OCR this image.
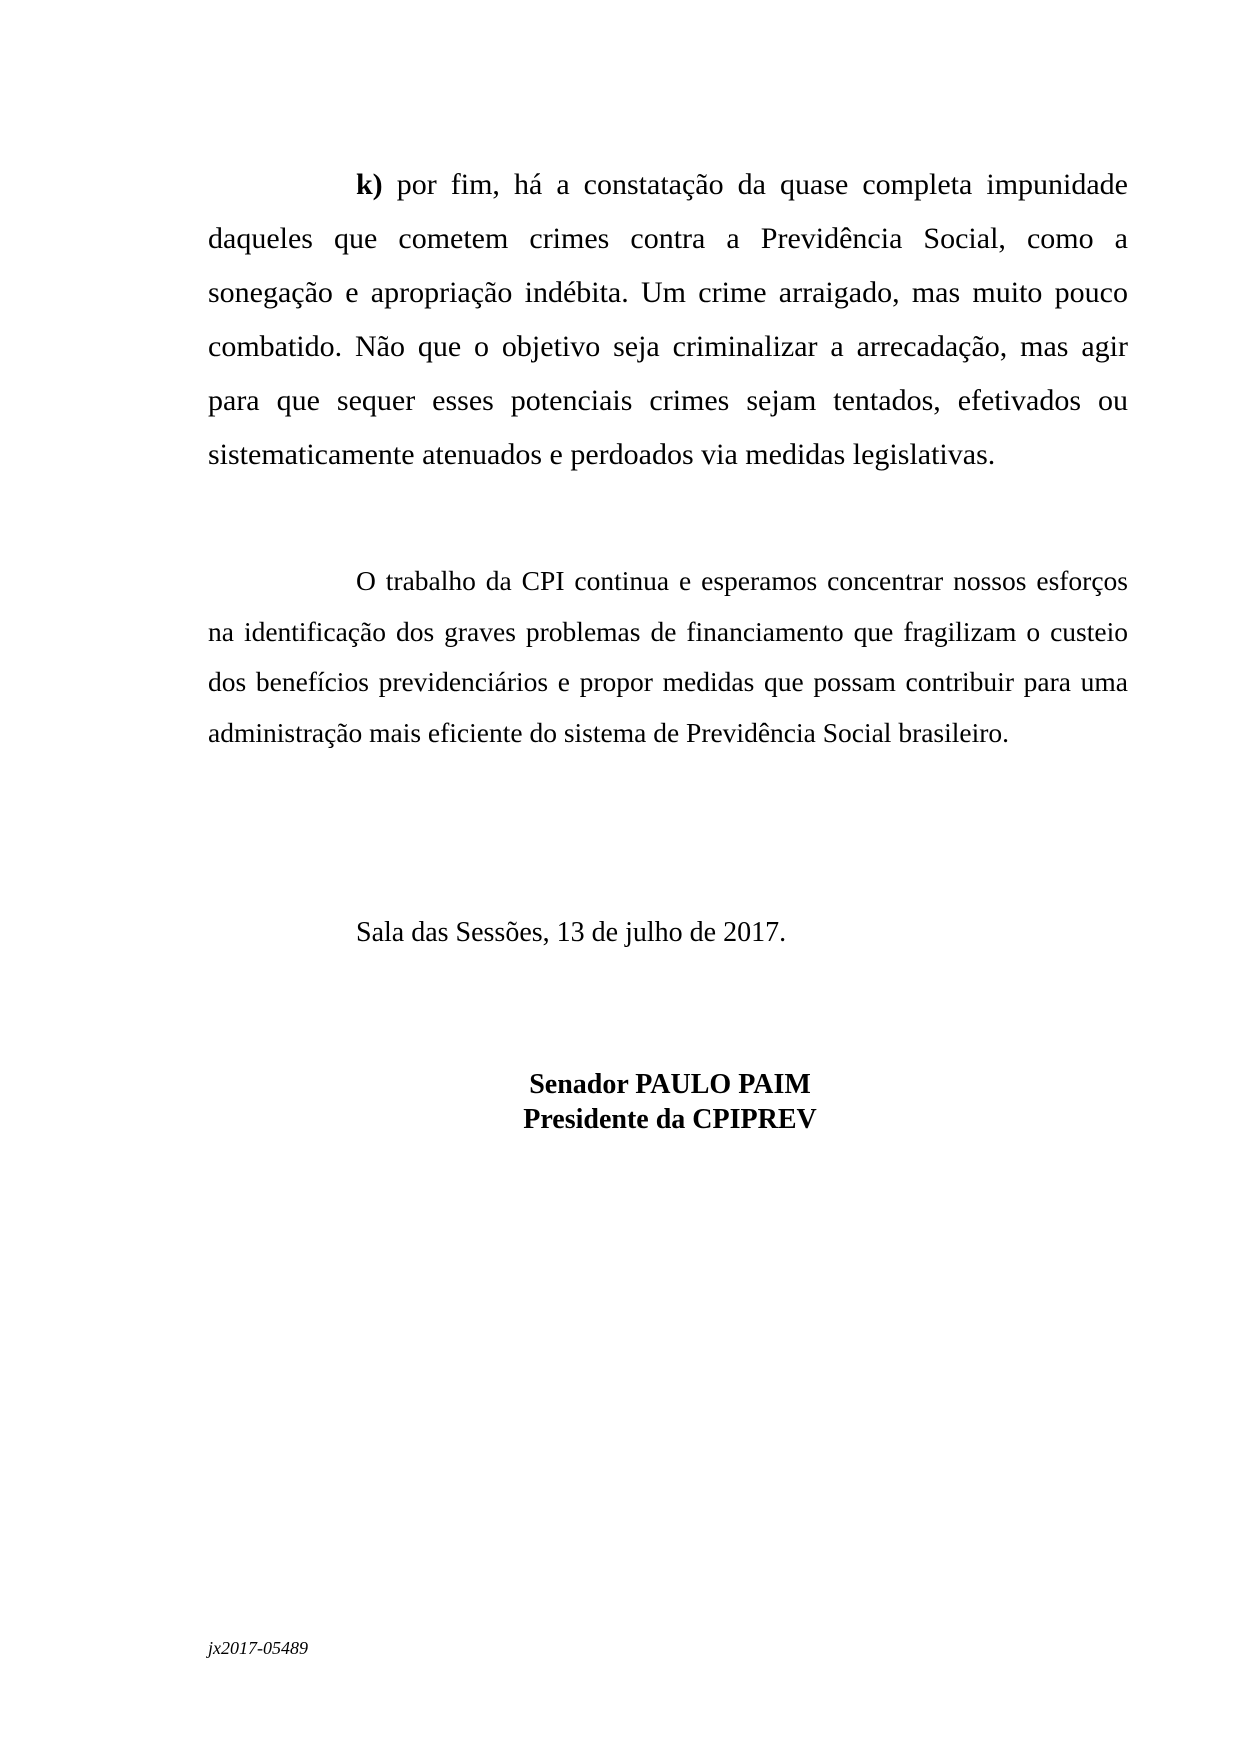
k) por fim, há a constatação da quase completa impunidade daqueles que cometem crimes contra a Previdência Social, como a sonegação e apropriação indébita. Um crime arraigado, mas muito pouco combatido. Não que o objetivo seja criminalizar a arrecadação, mas agir para que sequer esses potenciais crimes sejam tentados, efetivados ou sistematicamente atenuados e perdoados via medidas legislativas.

O trabalho da CPI continua e esperamos concentrar nossos esforços na identificação dos graves problemas de financiamento que fragilizam o custeio dos benefícios previdenciários e propor medidas que possam contribuir para uma administração mais eficiente do sistema de Previdência Social brasileiro.

Sala das Sessões, 13 de julho de 2017.

Senador PAULO PAIM
Presidente da CPIPREV
jx2017-05489
